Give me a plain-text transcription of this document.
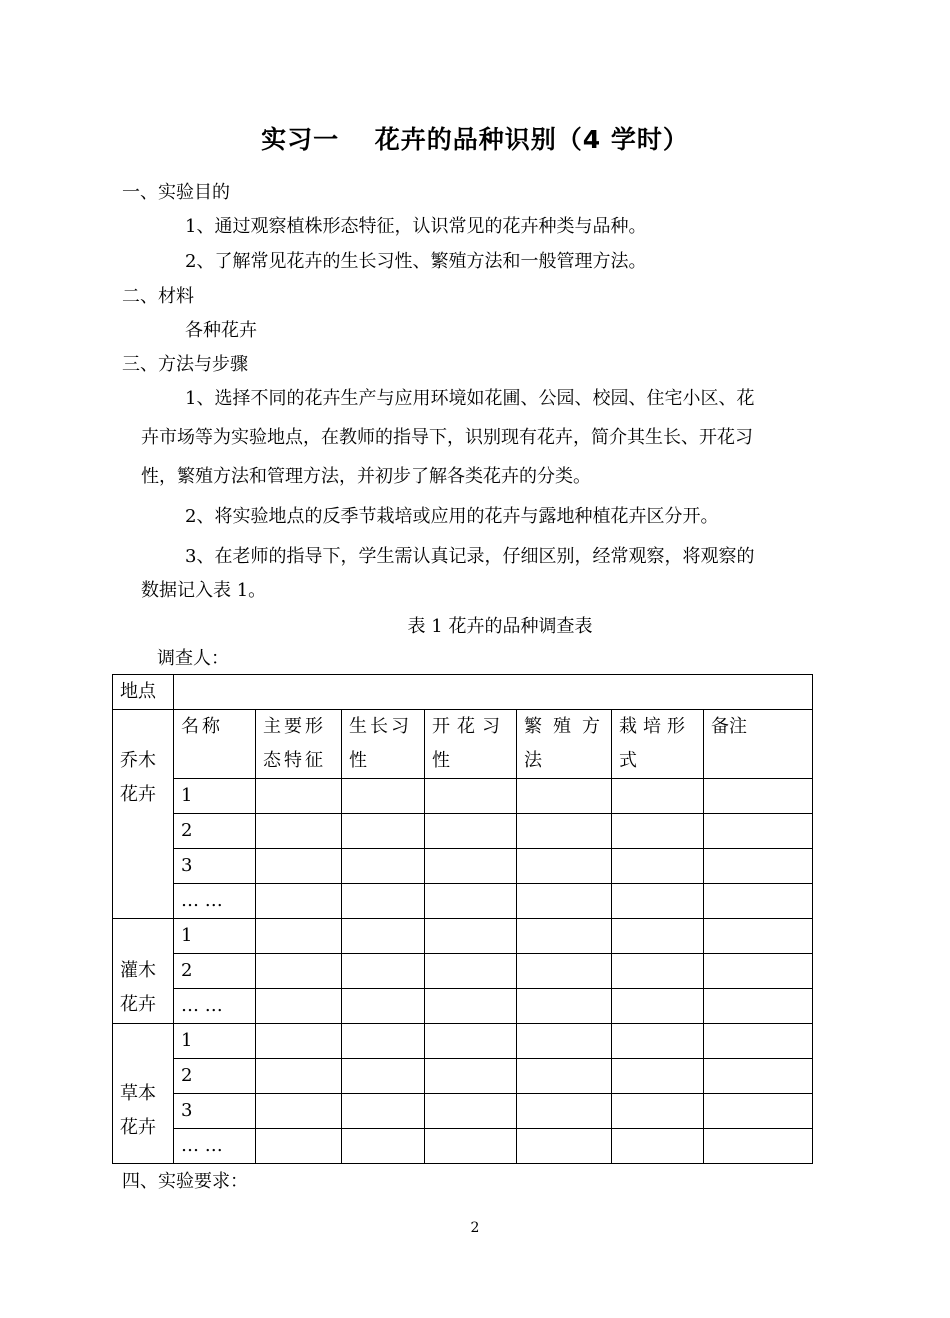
实习一　 花卉的品种识别（4 学时）
一、实验目的
1、通过观察植株形态特征，认识常见的花卉种类与品种。
2、了解常见花卉的生长习性、繁殖方法和一般管理方法。
二、材料
各种花卉
三、方法与步骤
1、选择不同的花卉生产与应用环境如花圃、公园、校园、住宅小区、花
卉市场等为实验地点，在教师的指导下，识别现有花卉，简介其生长、开花习
性，繁殖方法和管理方法，并初步了解各类花卉的分类。
2、将实验地点的反季节栽培或应用的花卉与露地种植花卉区分开。
3、在老师的指导下，学生需认真记录，仔细区别，经常观察，将观察的
数据记入表 1。
表 1 花卉的品种调查表
调查人：
地点							

乔木花卉	名称	主要形态特征	生长习性	开花习性	繁殖方法	栽培形式	备注
	1						
	2						
	3						
	… …						

灌木花卉	1						
	2						
	… …						

草本花卉	1						
	2						
	3						
	… …						
四、实验要求：
2
